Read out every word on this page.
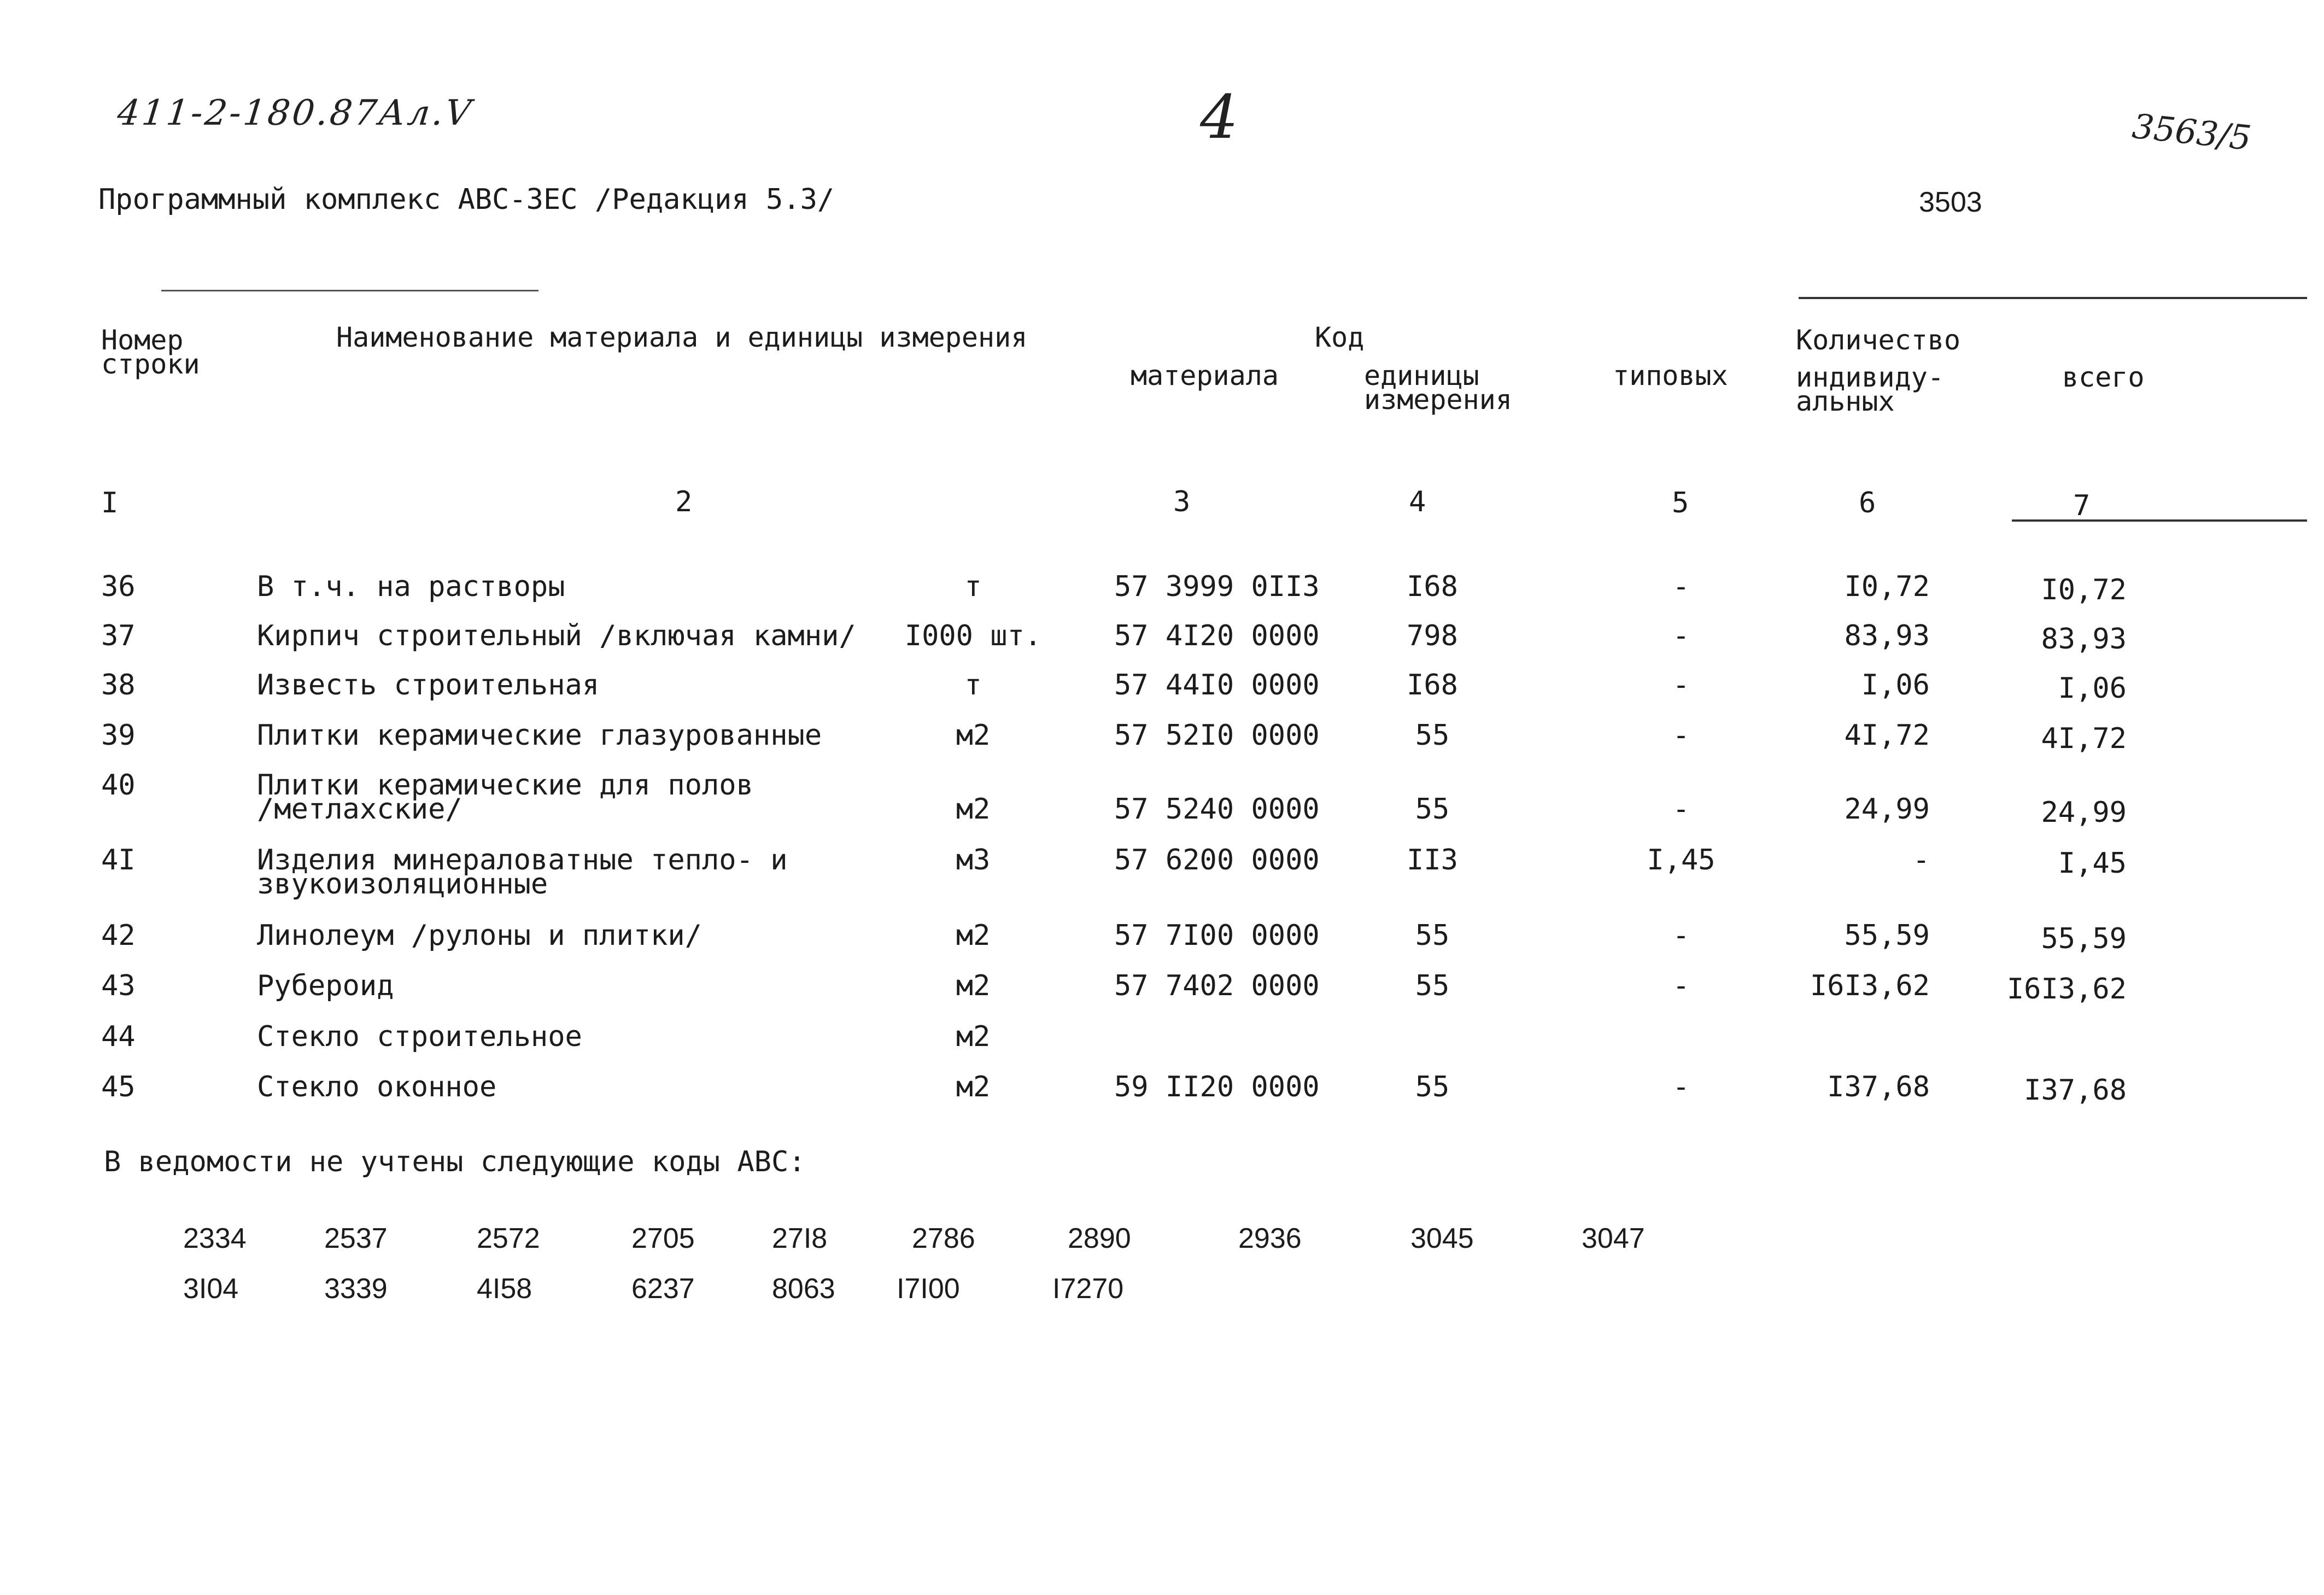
411-2-180.87Ал.V	4	3563/5
Программный комплекс АВС-3ЕС /Редакция 5.3/	3503
Номер строки
Наименование материала и единицы измерения	Код
материала	единицы измерения
типовых
Количество
индивиду-альных
всего
I	2	3	4	5	6	7
36	В т.ч. на растворы	т	57 3999 0II3	I68	-	I0,72	I0,72
37	Кирпич строительный /включая камни/	I000 шт.	57 4I20 0000	798	-	83,93	83,93
38	Известь строительная	т	57 44I0 0000	I68	-	I,06	I,06
39	Плитки керамические глазурованные	м2	57 52I0 0000	55	-	4I,72	4I,72
40	Плитки керамические для полов
/метлахские/	м2	57 5240 0000	55	-	24,99	24,99
4I	Изделия минераловатные тепло- и
звукоизоляционные
м3	57 6200 0000	II3	I,45	-	I,45
42	Линолеум /рулоны и плитки/	м2	57 7I00 0000	55	-	55,59	55,59
43	Рубероид	м2	57 7402 0000	55	-	I6I3,62	I6I3,62
44	Стекло строительное	м2
45	Стекло оконное	м2	59 II20 0000	55	-	I37,68	I37,68
В ведомости не учтены следующие коды АВС:
2334	2537	2572	2705	27I8	2786	2890	2936	3045	3047
3I04	3339	4I58	6237	8063 I7I00	I7270
